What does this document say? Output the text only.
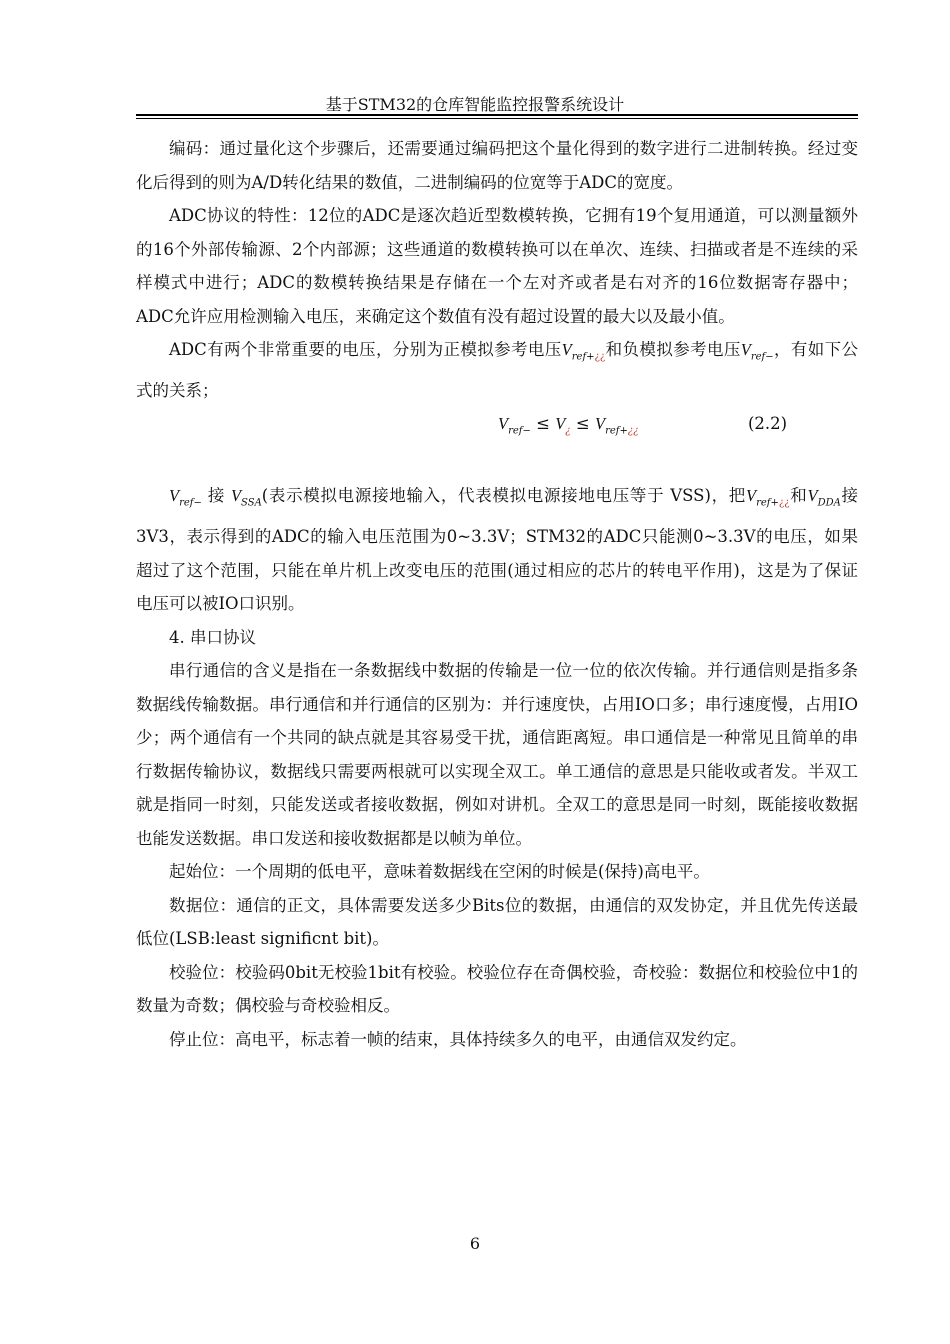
基于STM32的仓库智能监控报警系统设计

编码：通过量化这个步骤后，还需要通过编码把这个量化得到的数字进行二进制转换。经过变化后得到的则为A/D转化结果的数值，二进制编码的位宽等于ADC的宽度。

ADC协议的特性：12位的ADC是逐次趋近型数模转换，它拥有19个复用通道，可以测量额外的16个外部传输源、2个内部源；这些通道的数模转换可以在单次、连续、扫描或者是不连续的采样模式中进行；ADC的数模转换结果是存储在一个左对齐或者是右对齐的16位数据寄存器中；ADC允许应用检测输入电压，来确定这个数值有没有超过设置的最大以及最小值。

ADC有两个非常重要的电压，分别为正模拟参考电压$V_{ref+¿¿}$和负模拟参考电压$V_{ref-}$，有如下公式的关系；

$V_{ref-} \le V_¿ \le V_{ref+¿¿}$	(2.2)

$V_{ref-}$ 接 $V_{SSA}$(表示模拟电源接地输入，代表模拟电源接地电压等于 VSS)，把$V_{ref+¿¿}$和$V_{DDA}$接3V3，表示得到的ADC的输入电压范围为0~3.3V；STM32的ADC只能测0~3.3V的电压，如果超过了这个范围，只能在单片机上改变电压的范围(通过相应的芯片的转电平作用)，这是为了保证电压可以被IO口识别。

4. 串口协议

串行通信的含义是指在一条数据线中数据的传输是一位一位的依次传输。并行通信则是指多条数据线传输数据。串行通信和并行通信的区别为：并行速度快，占用IO口多；串行速度慢，占用IO少；两个通信有一个共同的缺点就是其容易受干扰，通信距离短。串口通信是一种常见且简单的串行数据传输协议，数据线只需要两根就可以实现全双工。单工通信的意思是只能收或者发。半双工就是指同一时刻，只能发送或者接收数据，例如对讲机。全双工的意思是同一时刻，既能接收数据也能发送数据。串口发送和接收数据都是以帧为单位。

起始位：一个周期的低电平，意味着数据线在空闲的时候是(保持)高电平。

数据位：通信的正文，具体需要发送多少Bits位的数据，由通信的双发协定，并且优先传送最低位(LSB:least significnt bit)。

校验位：校验码0bit无校验1bit有校验。校验位存在奇偶校验，奇校验：数据位和校验位中1的数量为奇数；偶校验与奇校验相反。

停止位：高电平，标志着一帧的结束，具体持续多久的电平，由通信双发约定。

6
